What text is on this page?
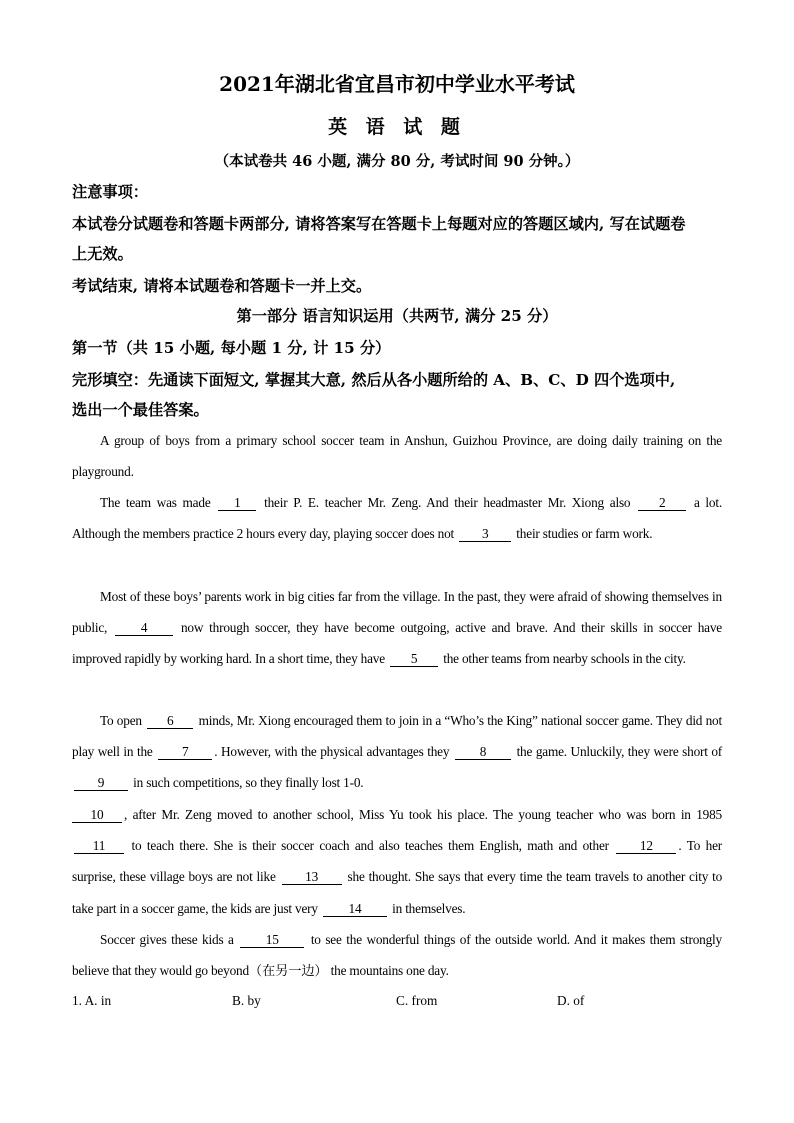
2021年湖北省宜昌市初中学业水平考试
英 语 试 题
（本试卷共 46 小题, 满分 80 分, 考试时间 90 分钟。）
注意事项：
本试卷分试题卷和答题卡两部分, 请将答案写在答题卡上每题对应的答题区域内, 写在试题卷
上无效。
考试结束, 请将本试题卷和答题卡一并上交。
第一部分 语言知识运用（共两节, 满分 25 分）
第一节（共 15 小题, 每小题 1 分, 计 15 分）
完形填空：先通读下面短文, 掌握其大意, 然后从各小题所给的 A、B、C、D 四个选项中,
选出一个最佳答案。
A group of boys from a primary school soccer team in Anshun, Guizhou Province, are doing daily training on the playground.
The team was made 1 their P. E. teacher Mr. Zeng. And their headmaster Mr. Xiong also 2 a lot. Although the members practice 2 hours every day, playing soccer does not 3 their studies or farm work.
Most of these boys’ parents work in big cities far from the village. In the past, they were afraid of showing themselves in public,	4	now through soccer, they have become outgoing, active and brave. And their skills in soccer have improved rapidly by working hard. In a short time, they have 5 the other teams from nearby schools in the city.
To open 6 minds, Mr. Xiong encouraged them to join in a “Who’s the King” national soccer game. They did not play well in the 7 . However, with the physical advantages they 8 the game. Unluckily, they were short of 9 in such competitions, so they finally lost 1-0.
10 , after Mr. Zeng moved to another school, Miss Yu took his place. The young teacher who was born in 1985 11 to teach there. She is their soccer coach and also teaches them English, math and other 12 . To her surprise, these village boys are not like 13 she thought. She says that every time the team travels to another city to take part in a soccer game, the kids are just very 14 in themselves.
Soccer gives these kids a 15 to see the wonderful things of the outside world. And it makes them strongly believe that they would go beyond（在另一边） the mountains one day.
1. A. in	B. by	C. from	D. of
